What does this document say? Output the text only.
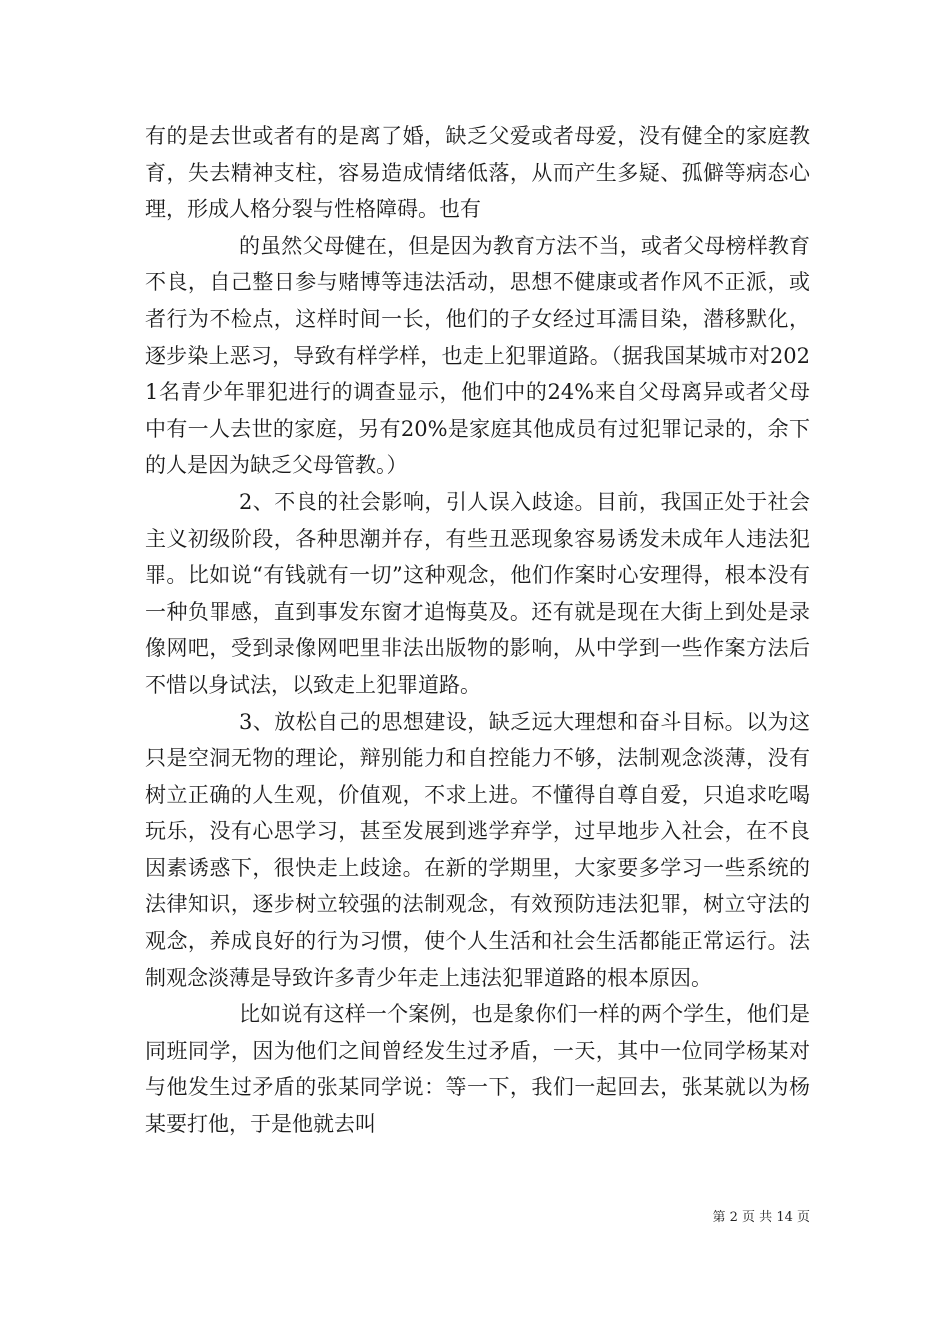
有的是去世或者有的是离了婚，缺乏父爱或者母爱，没有健全的家庭教育，失去精神支柱，容易造成情绪低落，从而产生多疑、孤僻等病态心理，形成人格分裂与性格障碍。也有

的虽然父母健在，但是因为教育方法不当，或者父母榜样教育不良，自己整日参与赌博等违法活动，思想不健康或者作风不正派，或者行为不检点，这样时间一长，他们的子女经过耳濡目染，潜移默化，逐步染上恶习，导致有样学样，也走上犯罪道路。（据我国某城市对2021名青少年罪犯进行的调查显示，他们中的24%来自父母离异或者父母中有一人去世的家庭，另有20%是家庭其他成员有过犯罪记录的，余下的人是因为缺乏父母管教。）

2、不良的社会影响，引人误入歧途。目前，我国正处于社会主义初级阶段，各种思潮并存，有些丑恶现象容易诱发未成年人违法犯罪。比如说“有钱就有一切”这种观念，他们作案时心安理得，根本没有一种负罪感，直到事发东窗才追悔莫及。还有就是现在大街上到处是录像网吧，受到录像网吧里非法出版物的影响，从中学到一些作案方法后不惜以身试法，以致走上犯罪道路。

3、放松自己的思想建设，缺乏远大理想和奋斗目标。以为这只是空洞无物的理论，辩别能力和自控能力不够，法制观念淡薄，没有树立正确的人生观，价值观，不求上进。不懂得自尊自爱，只追求吃喝玩乐，没有心思学习，甚至发展到逃学弃学，过早地步入社会，在不良因素诱惑下，很快走上歧途。在新的学期里，大家要多学习一些系统的法律知识，逐步树立较强的法制观念，有效预防违法犯罪，树立守法的观念，养成良好的行为习惯，使个人生活和社会生活都能正常运行。法制观念淡薄是导致许多青少年走上违法犯罪道路的根本原因。

比如说有这样一个案例，也是象你们一样的两个学生，他们是同班同学，因为他们之间曾经发生过矛盾，一天，其中一位同学杨某对与他发生过矛盾的张某同学说：等一下，我们一起回去，张某就以为杨某要打他，于是他就去叫

第 2 页 共 14 页
